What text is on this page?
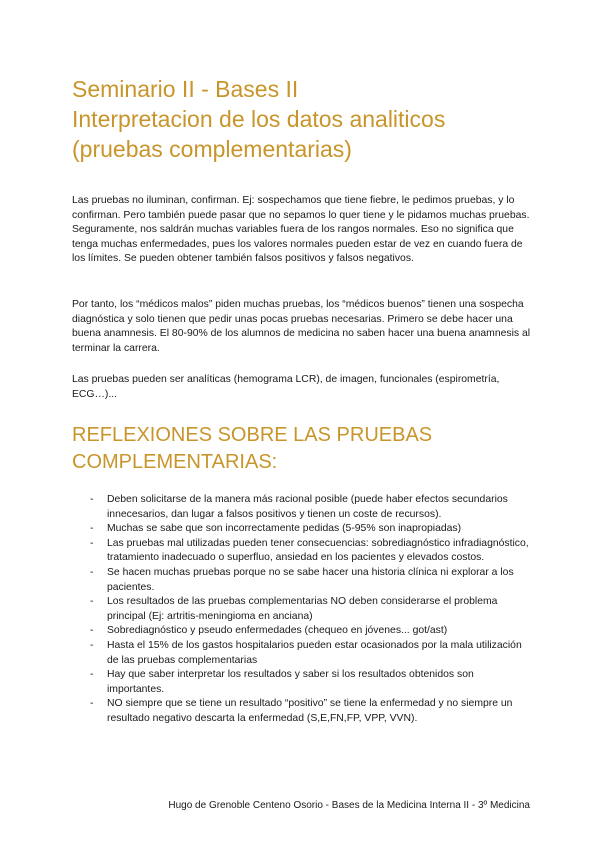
Seminario II - Bases II
Interpretacion de los datos analiticos
(pruebas complementarias)

Las pruebas no iluminan, confirman. Ej: sospechamos que tiene fiebre, le pedimos pruebas, y lo confirman. Pero también puede pasar que no sepamos lo quer tiene y le pidamos muchas pruebas. Seguramente, nos saldrán muchas variables fuera de los rangos normales. Eso no significa que tenga muchas enfermedades, pues los valores normales pueden estar de vez en cuando fuera de los límites. Se pueden obtener también falsos positivos y falsos negativos.

Por tanto, los “médicos malos” piden muchas pruebas, los “médicos buenos” tienen una sospecha diagnóstica y solo tienen que pedir unas pocas pruebas necesarias. Primero se debe hacer una buena anamnesis. El 80-90% de los alumnos de medicina no saben hacer una buena anamnesis al terminar la carrera.

Las pruebas pueden ser analíticas (hemograma LCR), de imagen, funcionales (espirometría, ECG…)...

REFLEXIONES SOBRE LAS PRUEBAS COMPLEMENTARIAS:
- Deben solicitarse de la manera más racional posible (puede haber efectos secundarios innecesarios, dan lugar a falsos positivos y tienen un coste de recursos).
- Muchas se sabe que son incorrectamente pedidas (5-95% son inapropiadas)
- Las pruebas mal utilizadas pueden tener consecuencias: sobrediagnóstico infradiagnóstico, tratamiento inadecuado o superfluo, ansiedad en los pacientes y elevados costos.
- Se hacen muchas pruebas porque no se sabe hacer una historia clínica ni explorar a los pacientes.
- Los resultados de las pruebas complementarias NO deben considerarse el problema principal (Ej: artritis-meningioma en anciana)
- Sobrediagnóstico y pseudo enfermedades (chequeo en jóvenes... got/ast)
- Hasta el 15% de los gastos hospitalarios pueden estar ocasionados por la mala utilización de las pruebas complementarias
- Hay que saber interpretar los resultados y saber si los resultados obtenidos son importantes.
- NO siempre que se tiene un resultado “positivo” se tiene la enfermedad y no siempre un resultado negativo descarta la enfermedad (S,E,FN,FP, VPP, VVN).
Hugo de Grenoble Centeno Osorio - Bases de la Medicina Interna II - 3º Medicina
